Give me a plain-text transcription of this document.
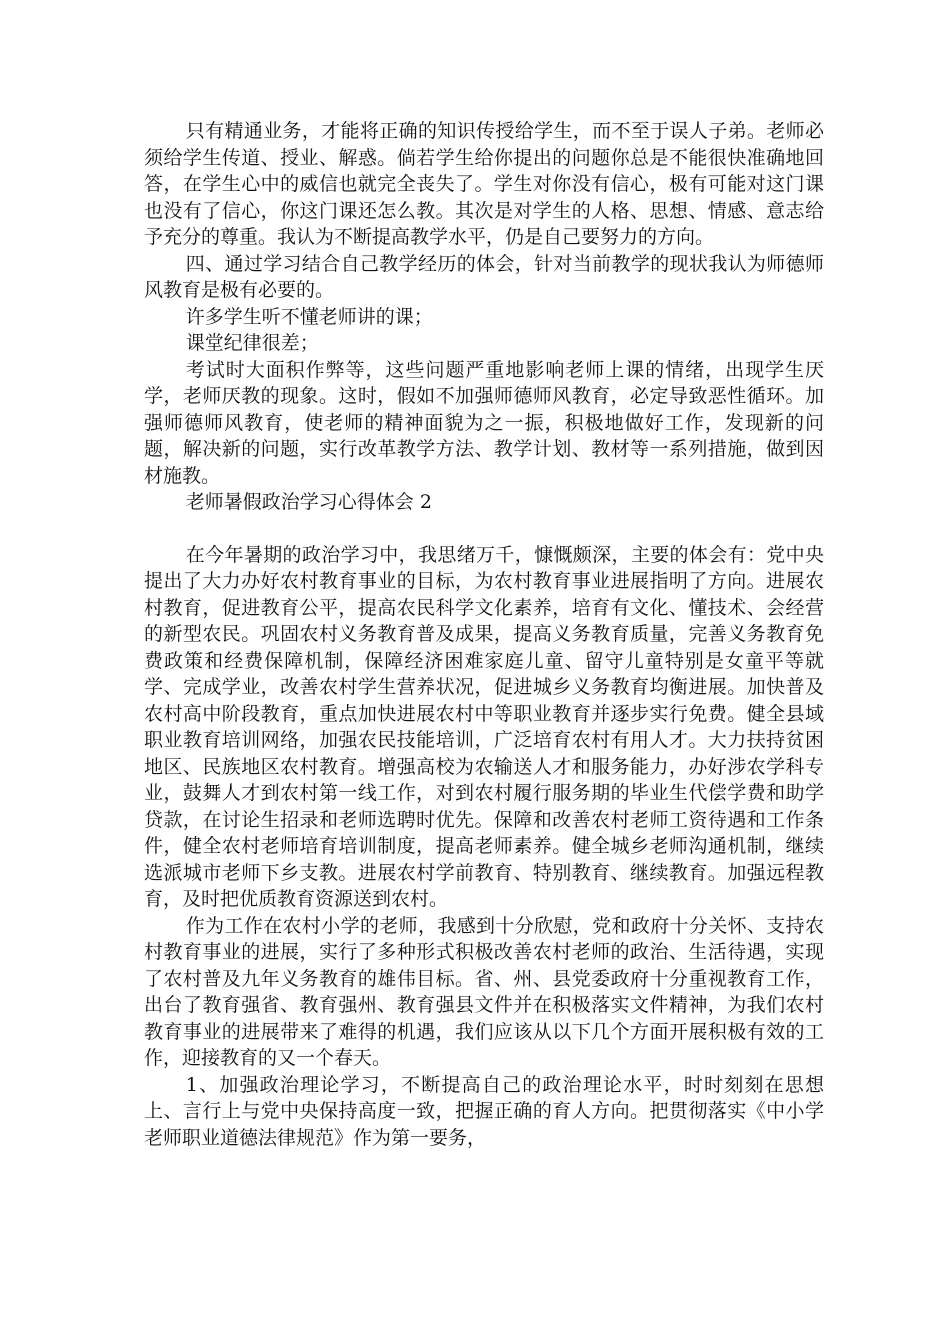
只有精通业务，才能将正确的知识传授给学生，而不至于误人子弟。老师必须给学生传道、授业、解惑。倘若学生给你提出的问题你总是不能很快准确地回答，在学生心中的威信也就完全丧失了。学生对你没有信心，极有可能对这门课也没有了信心，你这门课还怎么教。其次是对学生的人格、思想、情感、意志给予充分的尊重。我认为不断提高教学水平，仍是自己要努力的方向。

四、通过学习结合自己教学经历的体会，针对当前教学的现状我认为师德师风教育是极有必要的。

许多学生听不懂老师讲的课；

课堂纪律很差；

考试时大面积作弊等，这些问题严重地影响老师上课的情绪，出现学生厌学，老师厌教的现象。这时，假如不加强师德师风教育，必定导致恶性循环。加强师德师风教育，使老师的精神面貌为之一振，积极地做好工作，发现新的问题，解决新的问题，实行改革教学方法、教学计划、教材等一系列措施，做到因材施教。

老师暑假政治学习心得体会 2

在今年暑期的政治学习中，我思绪万千，慷慨颇深，主要的体会有：党中央提出了大力办好农村教育事业的目标，为农村教育事业进展指明了方向。进展农村教育，促进教育公平，提高农民科学文化素养，培育有文化、懂技术、会经营的新型农民。巩固农村义务教育普及成果，提高义务教育质量，完善义务教育免费政策和经费保障机制，保障经济困难家庭儿童、留守儿童特别是女童平等就学、完成学业，改善农村学生营养状况，促进城乡义务教育均衡进展。加快普及农村高中阶段教育，重点加快进展农村中等职业教育并逐步实行免费。健全县域职业教育培训网络，加强农民技能培训，广泛培育农村有用人才。大力扶持贫困地区、民族地区农村教育。增强高校为农输送人才和服务能力，办好涉农学科专业，鼓舞人才到农村第一线工作，对到农村履行服务期的毕业生代偿学费和助学贷款，在讨论生招录和老师选聘时优先。保障和改善农村老师工资待遇和工作条件，健全农村老师培育培训制度，提高老师素养。健全城乡老师沟通机制，继续选派城市老师下乡支教。进展农村学前教育、特别教育、继续教育。加强远程教育，及时把优质教育资源送到农村。

作为工作在农村小学的老师，我感到十分欣慰，党和政府十分关怀、支持农村教育事业的进展，实行了多种形式积极改善农村老师的政治、生活待遇，实现了农村普及九年义务教育的雄伟目标。省、州、县党委政府十分重视教育工作，出台了教育强省、教育强州、教育强县文件并在积极落实文件精神，为我们农村教育事业的进展带来了难得的机遇，我们应该从以下几个方面开展积极有效的工作，迎接教育的又一个春天。

1、加强政治理论学习，不断提高自己的政治理论水平，时时刻刻在思想上、言行上与党中央保持高度一致，把握正确的育人方向。把贯彻落实《中小学老师职业道德法律规范》作为第一要务，
